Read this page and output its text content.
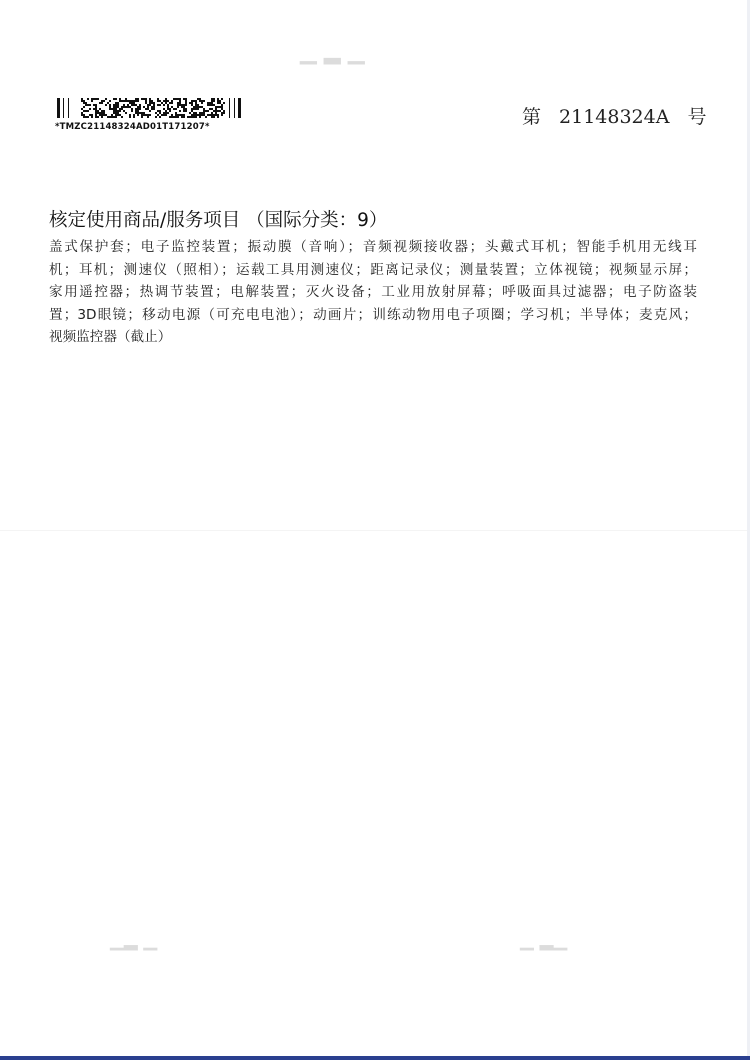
▁ ▂ ▁
▁▂ ▁	▁ ▂▁
*TMZC21148324AD01T171207*	第 21148324A 号
核定使用商品/服务项目 （国际分类：9）
盖式保护套；电子监控装置；振动膜（音响）；音频视频接收器；头戴式耳机；智能手机用无线耳
机；耳机；测速仪（照相）；运载工具用测速仪；距离记录仪；测量装置；立体视镜；视频显示屏；
家用遥控器；热调节装置；电解装置；灭火设备；工业用放射屏幕；呼吸面具过滤器；电子防盗装
置；3D眼镜；移动电源（可充电电池）；动画片；训练动物用电子项圈；学习机；半导体；麦克风；
视频监控器（截止）
